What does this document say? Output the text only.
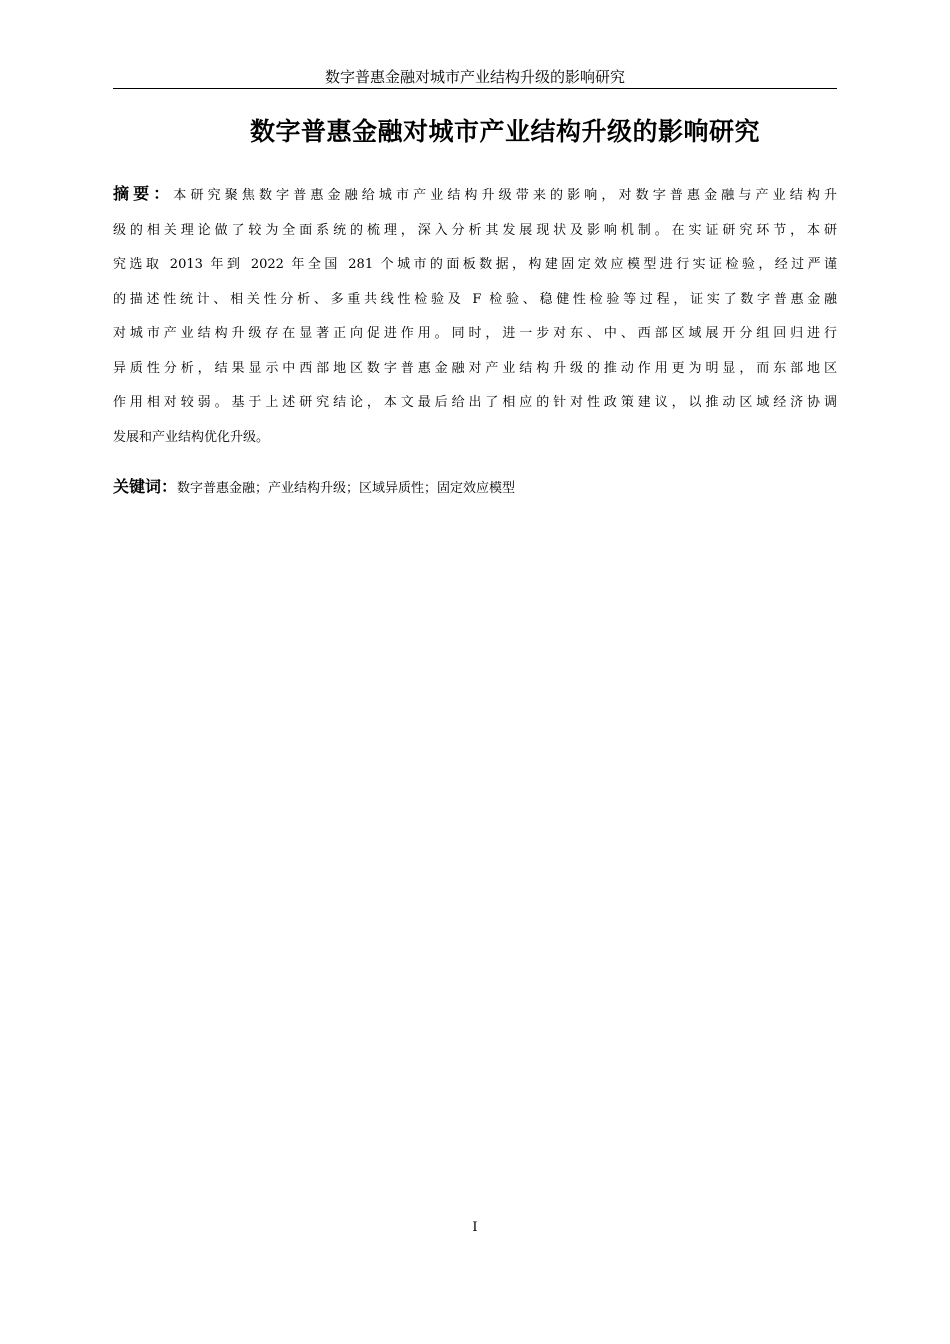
数字普惠金融对城市产业结构升级的影响研究
数字普惠金融对城市产业结构升级的影响研究
摘要：本研究聚焦数字普惠金融给城市产业结构升级带来的影响，对数字普惠金融与产业结构升
级的相关理论做了较为全面系统的梳理，深入分析其发展现状及影响机制。在实证研究环节，本研
究选取 2013 年到 2022 年全国 281 个城市的面板数据，构建固定效应模型进行实证检验，经过严谨
的描述性统计、相关性分析、多重共线性检验及 F 检验、稳健性检验等过程，证实了数字普惠金融
对城市产业结构升级存在显著正向促进作用。同时，进一步对东、中、西部区域展开分组回归进行
异质性分析，结果显示中西部地区数字普惠金融对产业结构升级的推动作用更为明显，而东部地区
作用相对较弱。基于上述研究结论，本文最后给出了相应的针对性政策建议，以推动区域经济协调
发展和产业结构优化升级。
关键词：数字普惠金融；产业结构升级；区域异质性；固定效应模型
I
